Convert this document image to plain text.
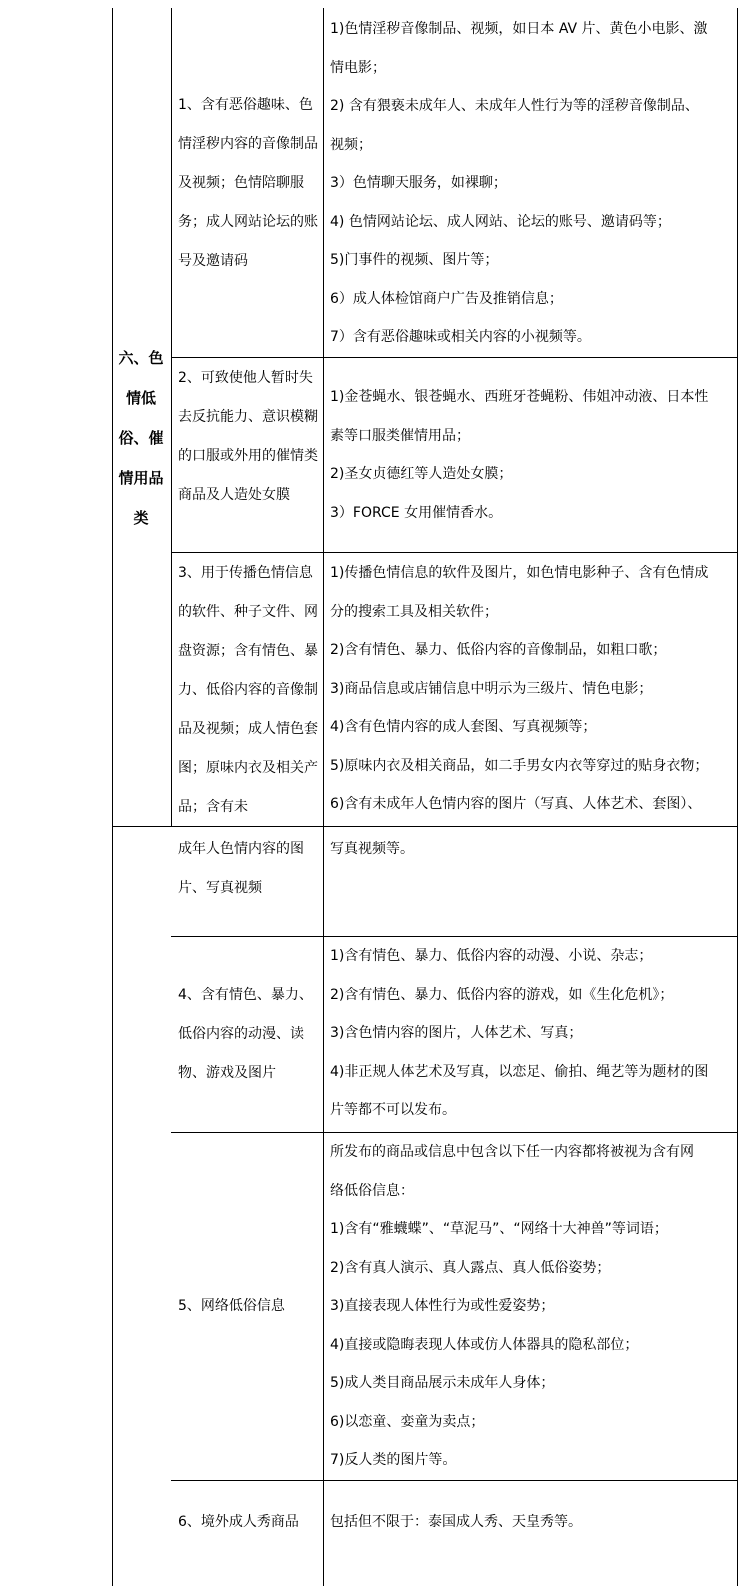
六、色
情低
俗、催
情用品
类
1、含有恶俗趣味、色情淫秽内容的音像制品及视频；色情陪聊服务；成人网站论坛的账号及邀请码

1)色情淫秽音像制品、视频，如日本 AV 片、黄色小电影、激

情电影；

2) 含有猥亵未成年人、未成年人性行为等的淫秽音像制品、

视频；

3）色情聊天服务，如裸聊；

4) 色情网站论坛、成人网站、论坛的账号、邀请码等；

5)门事件的视频、图片等；

6）成人体检馆商户广告及推销信息；

7）含有恶俗趣味或相关内容的小视频等。

2、可致使他人暂时失去反抗能力、意识模糊的口服或外用的催情类商品及人造处女膜

1)金苍蝇水、银苍蝇水、西班牙苍蝇粉、伟姐冲动液、日本性

素等口服类催情用品；

2)圣女贞德红等人造处女膜；

3）FORCE 女用催情香水。

3、用于传播色情信息的软件、种子文件、网盘资源；含有情色、暴力、低俗内容的音像制品及视频；成人情色套图；原味内衣及相关产品；含有未

1)传播色情信息的软件及图片，如色情电影种子、含有色情成

分的搜索工具及相关软件；

2)含有情色、暴力、低俗内容的音像制品，如粗口歌；

3)商品信息或店铺信息中明示为三级片、情色电影；

4)含有色情内容的成人套图、写真视频等；

5)原味内衣及相关商品，如二手男女内衣等穿过的贴身衣物；

6)含有未成年人色情内容的图片（写真、人体艺术、套图）、

成年人色情内容的图片、写真视频

写真视频等。

4、含有情色、暴力、低俗内容的动漫、读物、游戏及图片

1)含有情色、暴力、低俗内容的动漫、小说、杂志；

2)含有情色、暴力、低俗内容的游戏，如《生化危机》；

3)含色情内容的图片，人体艺术、写真；

4)非正规人体艺术及写真，以恋足、偷拍、绳艺等为题材的图

片等都不可以发布。

5、网络低俗信息

所发布的商品或信息中包含以下任一内容都将被视为含有网

络低俗信息：

1)含有“雅蠛蝶”、“草泥马”、“网络十大神兽”等词语；

2)含有真人演示、真人露点、真人低俗姿势；

3)直接表现人体性行为或性爱姿势；

4)直接或隐晦表现人体或仿人体器具的隐私部位；

5)成人类目商品展示未成年人身体；

6)以恋童、娈童为卖点；

7)反人类的图片等。

6、境外成人秀商品	包括但不限于：泰国成人秀、天皇秀等。
